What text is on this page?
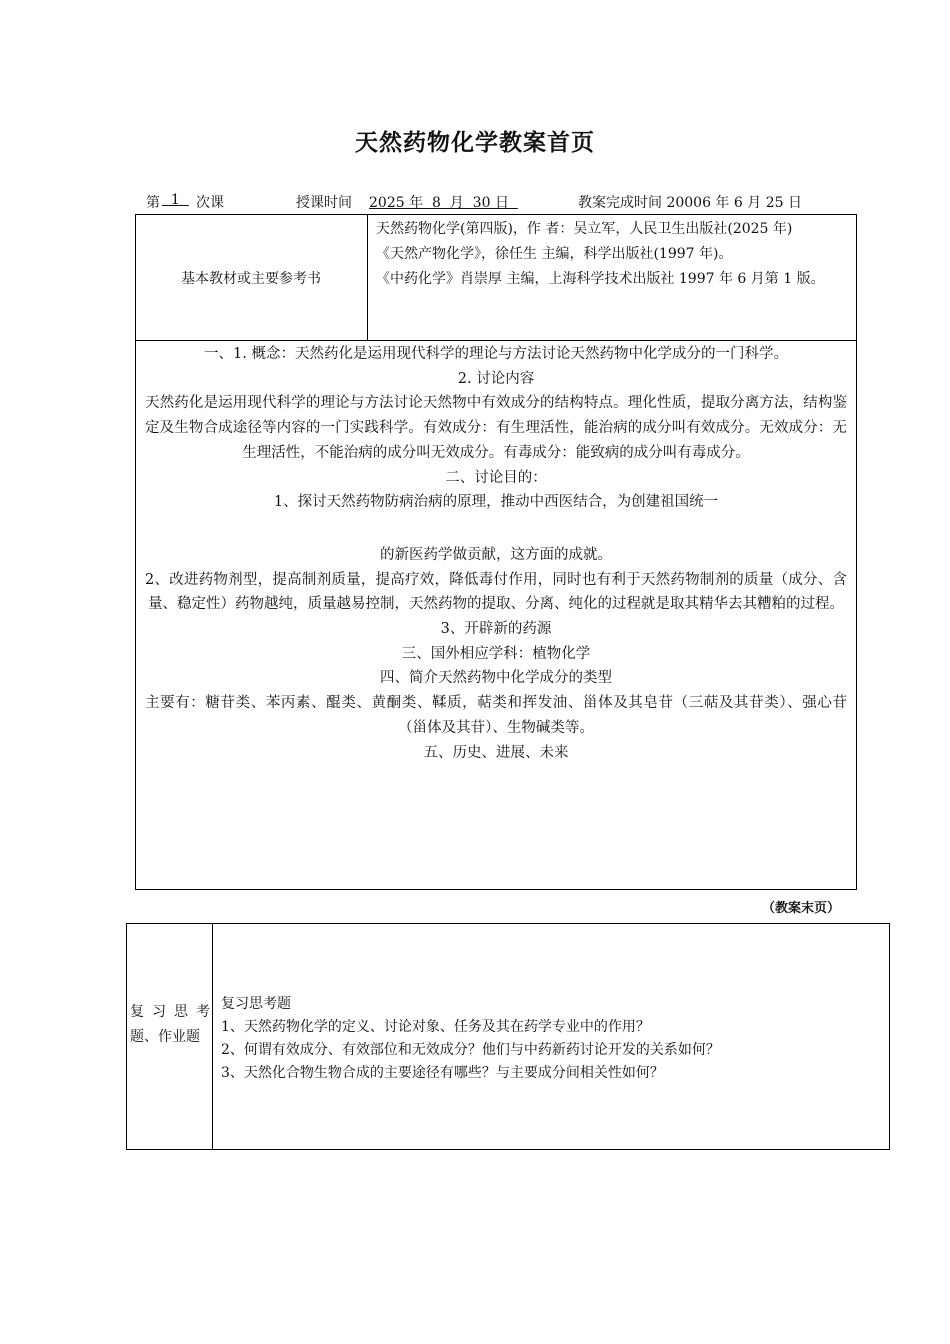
天然药物化学教案首页
第 1 次课	授课时间 2025 年  8  月  30 日	教案完成时间 20006 年 6 月 25 日
基本教材或主要参考书
天然药物化学(第四版)，作 者：吴立军，人民卫生出版社(2025 年)
《天然产物化学》，徐任生 主编，科学出版社(1997 年)。
《中药化学》肖崇厚 主编，上海科学技术出版社 1997 年 6 月第 1 版。
一、1. 概念：天然药化是运用现代科学的理论与方法讨论天然药物中化学成分的一门科学。
2. 讨论内容
天然药化是运用现代科学的理论与方法讨论天然物中有效成分的结构特点。理化性质，提取分离方法，结构鉴定及生物合成途径等内容的一门实践科学。有效成分：有生理活性，能治病的成分叫有效成分。无效成分：无生理活性，不能治病的成分叫无效成分。有毒成分：能致病的成分叫有毒成分。
二、讨论目的：
1、探讨天然药物防病治病的原理，推动中西医结合，为创建祖国统一
的新医药学做贡献，这方面的成就。
2、改进药物剂型，提高制剂质量，提高疗效，降低毒付作用，同时也有利于天然药物制剂的质量（成分、含量、稳定性）药物越纯，质量越易控制，天然药物的提取、分离、纯化的过程就是取其精华去其糟粕的过程。
3、开辟新的药源
三、国外相应学科：植物化学
四、简介天然药物中化学成分的类型
主要有：糖苷类、苯丙素、醌类、黄酮类、鞣质，萜类和挥发油、甾体及其皂苷（三萜及其苷类）、强心苷（甾体及其苷）、生物碱类等。
五、历史、进展、未来
（教案末页）
复习思考题、作业题
复习思考题
1、天然药物化学的定义、讨论对象、任务及其在药学专业中的作用？
2、何谓有效成分、有效部位和无效成分？他们与中药新药讨论开发的关系如何？
3、天然化合物生物合成的主要途径有哪些？与主要成分间相关性如何？
